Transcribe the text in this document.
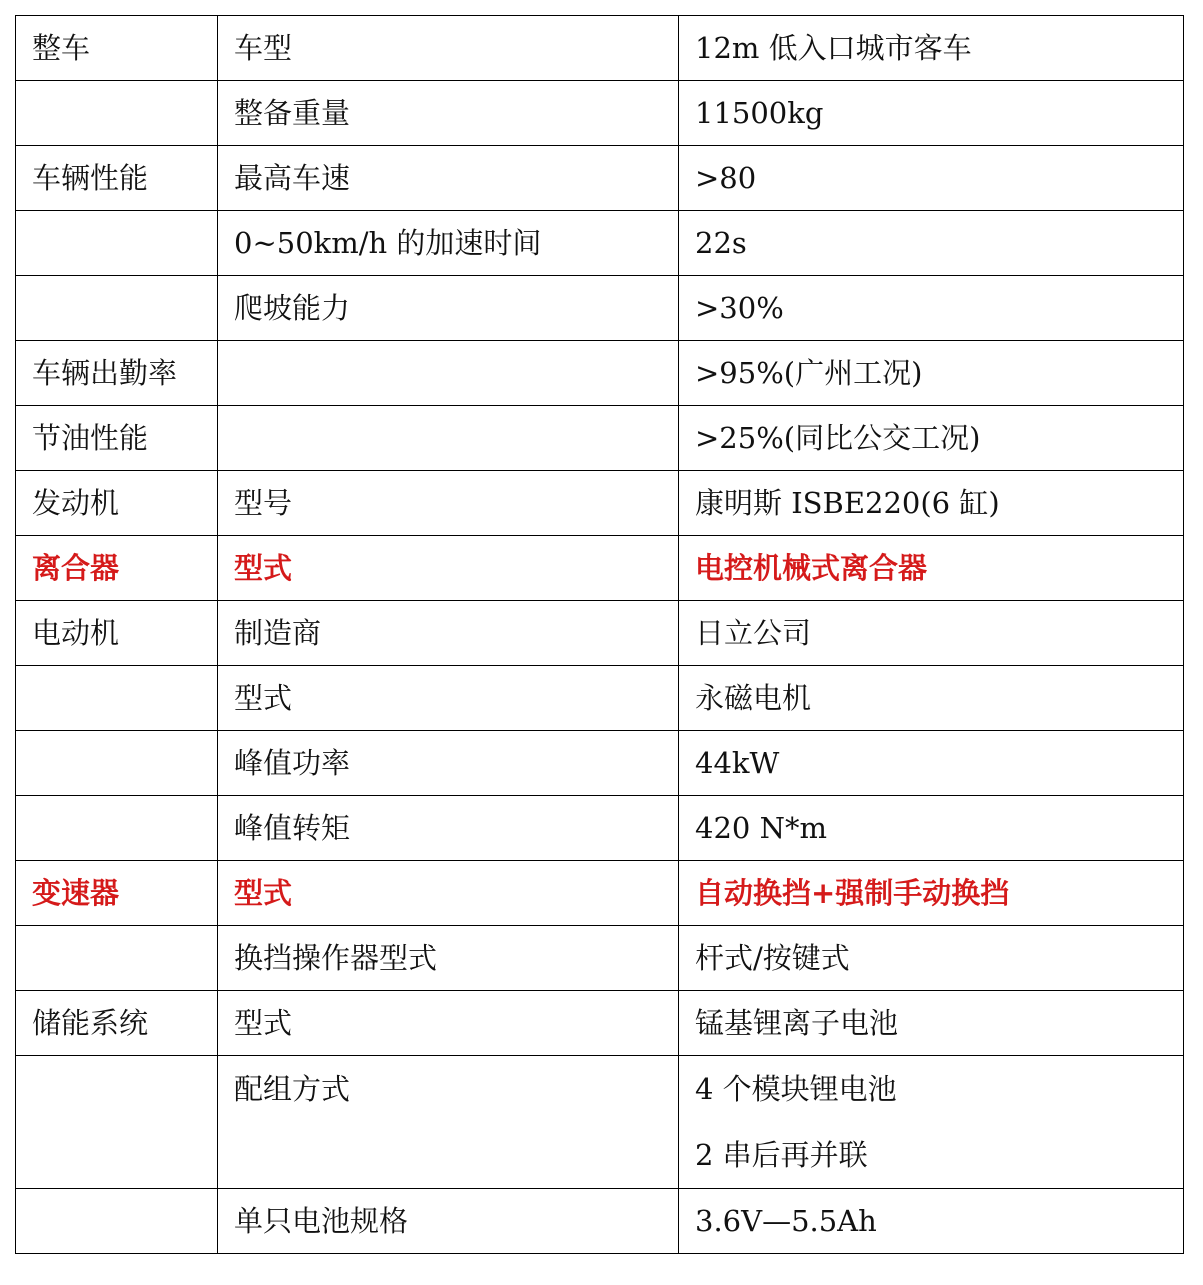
整车	车型	12m 低入口城市客车
	整备重量	11500kg
车辆性能	最高车速	>80
	0~50km/h 的加速时间	22s
	爬坡能力	>30%
车辆出勤率		>95%(广州工况)
节油性能		>25%(同比公交工况)
发动机	型号	康明斯 ISBE220(6 缸)
离合器	型式	电控机械式离合器
电动机	制造商	日立公司
	型式	永磁电机
	峰值功率	44kW
	峰值转矩	420 N*m
变速器	型式	自动换挡+强制手动换挡
	换挡操作器型式	杆式/按键式
储能系统	型式	锰基锂离子电池

	配组方式	4 个模块锂电池
2 串后再并联

	单只电池规格	3.6V—5.5Ah
